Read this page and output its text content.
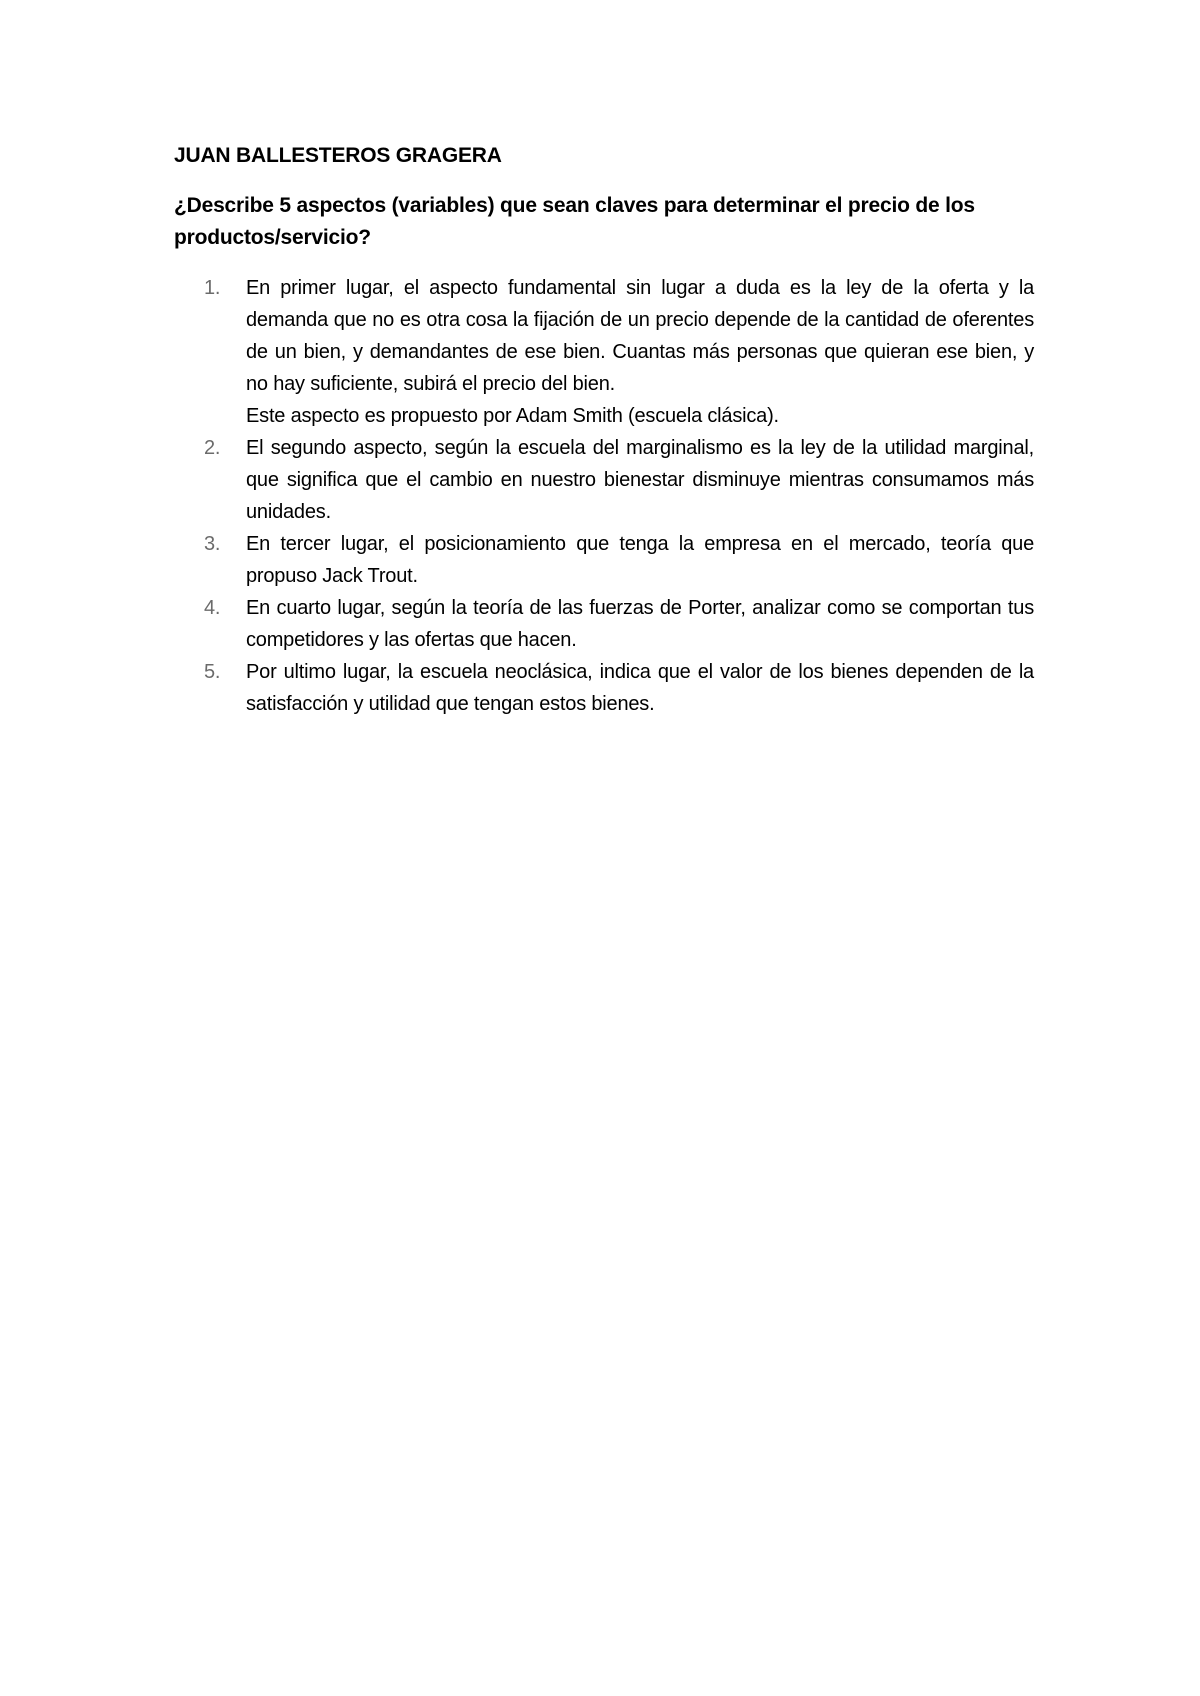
JUAN BALLESTEROS GRAGERA
¿Describe 5 aspectos (variables) que sean claves para determinar el precio de los productos/servicio?
1. En primer lugar, el aspecto fundamental sin lugar a duda es la ley de la oferta y la demanda que no es otra cosa la fijación de un precio depende de la cantidad de oferentes de un bien, y demandantes de ese bien. Cuantas más personas que quieran ese bien, y no hay suficiente, subirá el precio del bien.
Este aspecto es propuesto por Adam Smith (escuela clásica).
2. El segundo aspecto, según la escuela del marginalismo es la ley de la utilidad marginal, que significa que el cambio en nuestro bienestar disminuye mientras consumamos más unidades.
3. En tercer lugar, el posicionamiento que tenga la empresa en el mercado, teoría que propuso Jack Trout.
4. En cuarto lugar, según la teoría de las fuerzas de Porter, analizar como se comportan tus competidores y las ofertas que hacen.
5. Por ultimo lugar, la escuela neoclásica, indica que el valor de los bienes dependen de la satisfacción y utilidad que tengan estos bienes.
